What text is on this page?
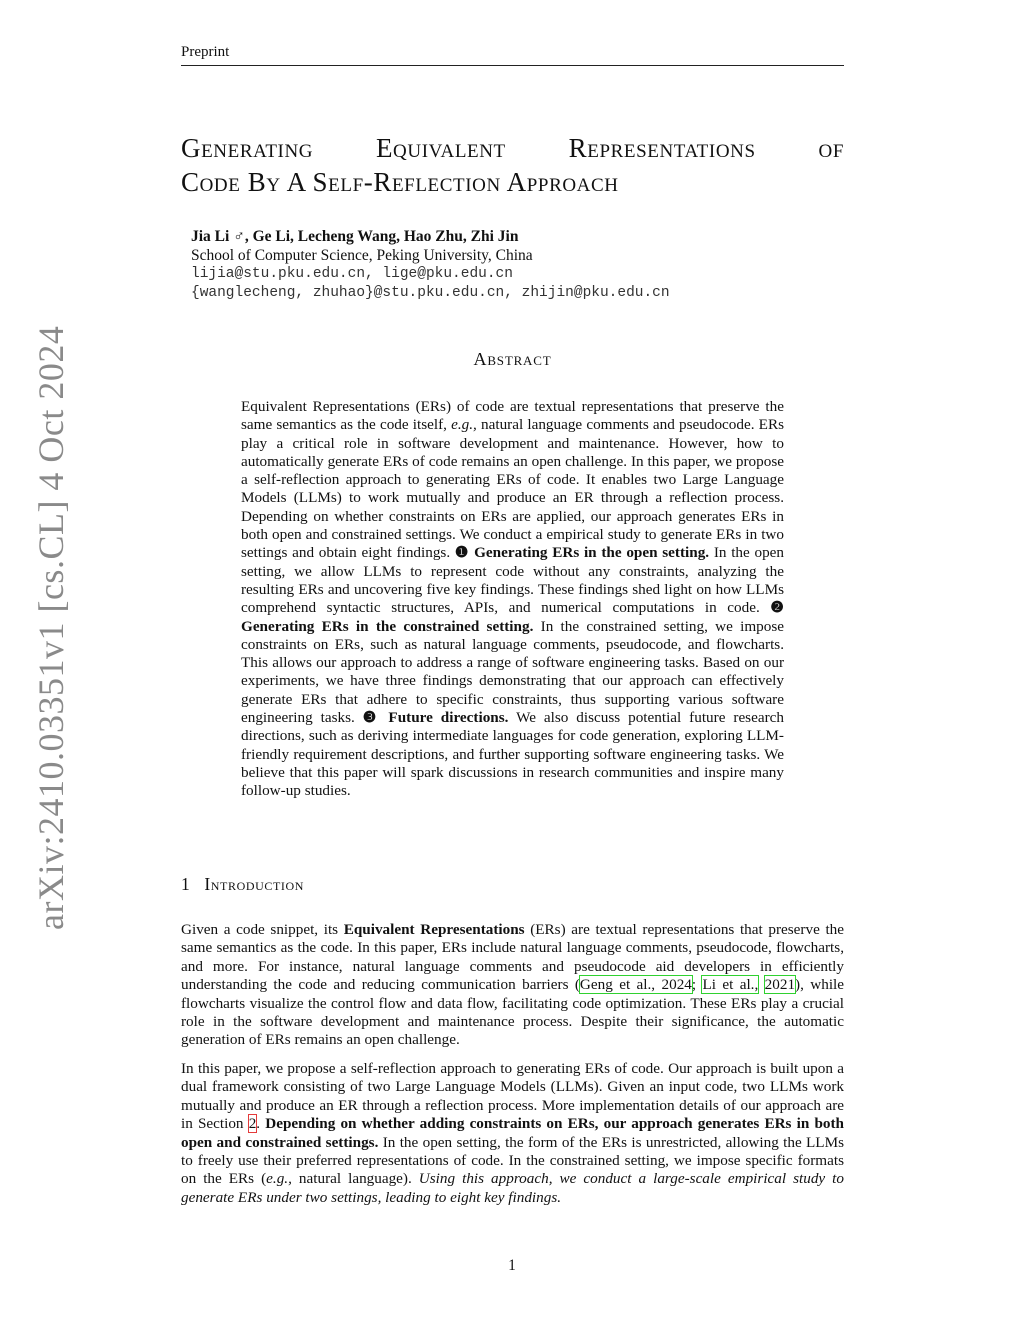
Preprint
arXiv:2410.03351v1 [cs.CL] 4 Oct 2024
Generating Equivalent Representations of
Code By A Self-Reflection Approach
Jia Li ♂, Ge Li, Lecheng Wang, Hao Zhu, Zhi Jin
School of Computer Science, Peking University, China
lijia@stu.pku.edu.cn, lige@pku.edu.cn
{wanglecheng, zhuhao}@stu.pku.edu.cn, zhijin@pku.edu.cn
Abstract

Equivalent Representations (ERs) of code are textual representations that preserve the same semantics as the code itself, e.g., natural language comments and pseudocode. ERs play a critical role in software development and maintenance. However, how to automatically generate ERs of code remains an open challenge. In this paper, we propose a self-reflection approach to generating ERs of code. It enables two Large Language Models (LLMs) to work mutually and produce an ER through a reflection process. Depending on whether constraints on ERs are applied, our approach generates ERs in both open and constrained settings. We conduct a empirical study to generate ERs in two settings and obtain eight findings. ❶ Generating ERs in the open setting. In the open setting, we allow LLMs to represent code without any constraints, analyzing the resulting ERs and uncovering five key findings. These findings shed light on how LLMs comprehend syntactic structures, APIs, and numerical computations in code. ❷ Generating ERs in the constrained setting. In the constrained setting, we impose constraints on ERs, such as natural language comments, pseudocode, and flowcharts. This allows our approach to address a range of software engineering tasks. Based on our experiments, we have three findings demonstrating that our approach can effectively generate ERs that adhere to specific constraints, thus supporting various software engineering tasks. ❸ Future directions. We also discuss potential future research directions, such as deriving intermediate languages for code generation, exploring LLM-friendly requirement descriptions, and further supporting software engineering tasks. We believe that this paper will spark discussions in research communities and inspire many follow-up studies.

1 Introduction

Given a code snippet, its Equivalent Representations (ERs) are textual representations that preserve the same semantics as the code. In this paper, ERs include natural language comments, pseudocode, flowcharts, and more. For instance, natural language comments and pseudocode aid developers in efficiently understanding the code and reducing communication barriers (Geng et al., 2024; Li et al., 2021), while flowcharts visualize the control flow and data flow, facilitating code optimization. These ERs play a crucial role in the software development and maintenance process. Despite their significance, the automatic generation of ERs remains an open challenge.

In this paper, we propose a self-reflection approach to generating ERs of code. Our approach is built upon a dual framework consisting of two Large Language Models (LLMs). Given an input code, two LLMs work mutually and produce an ER through a reflection process. More implementation details of our approach are in Section 2. Depending on whether adding constraints on ERs, our approach generates ERs in both open and constrained settings. In the open setting, the form of the ERs is unrestricted, allowing the LLMs to freely use their preferred representations of code. In the constrained setting, we impose specific formats on the ERs (e.g., natural language). Using this approach, we conduct a large-scale empirical study to generate ERs under two settings, leading to eight key findings.

1
